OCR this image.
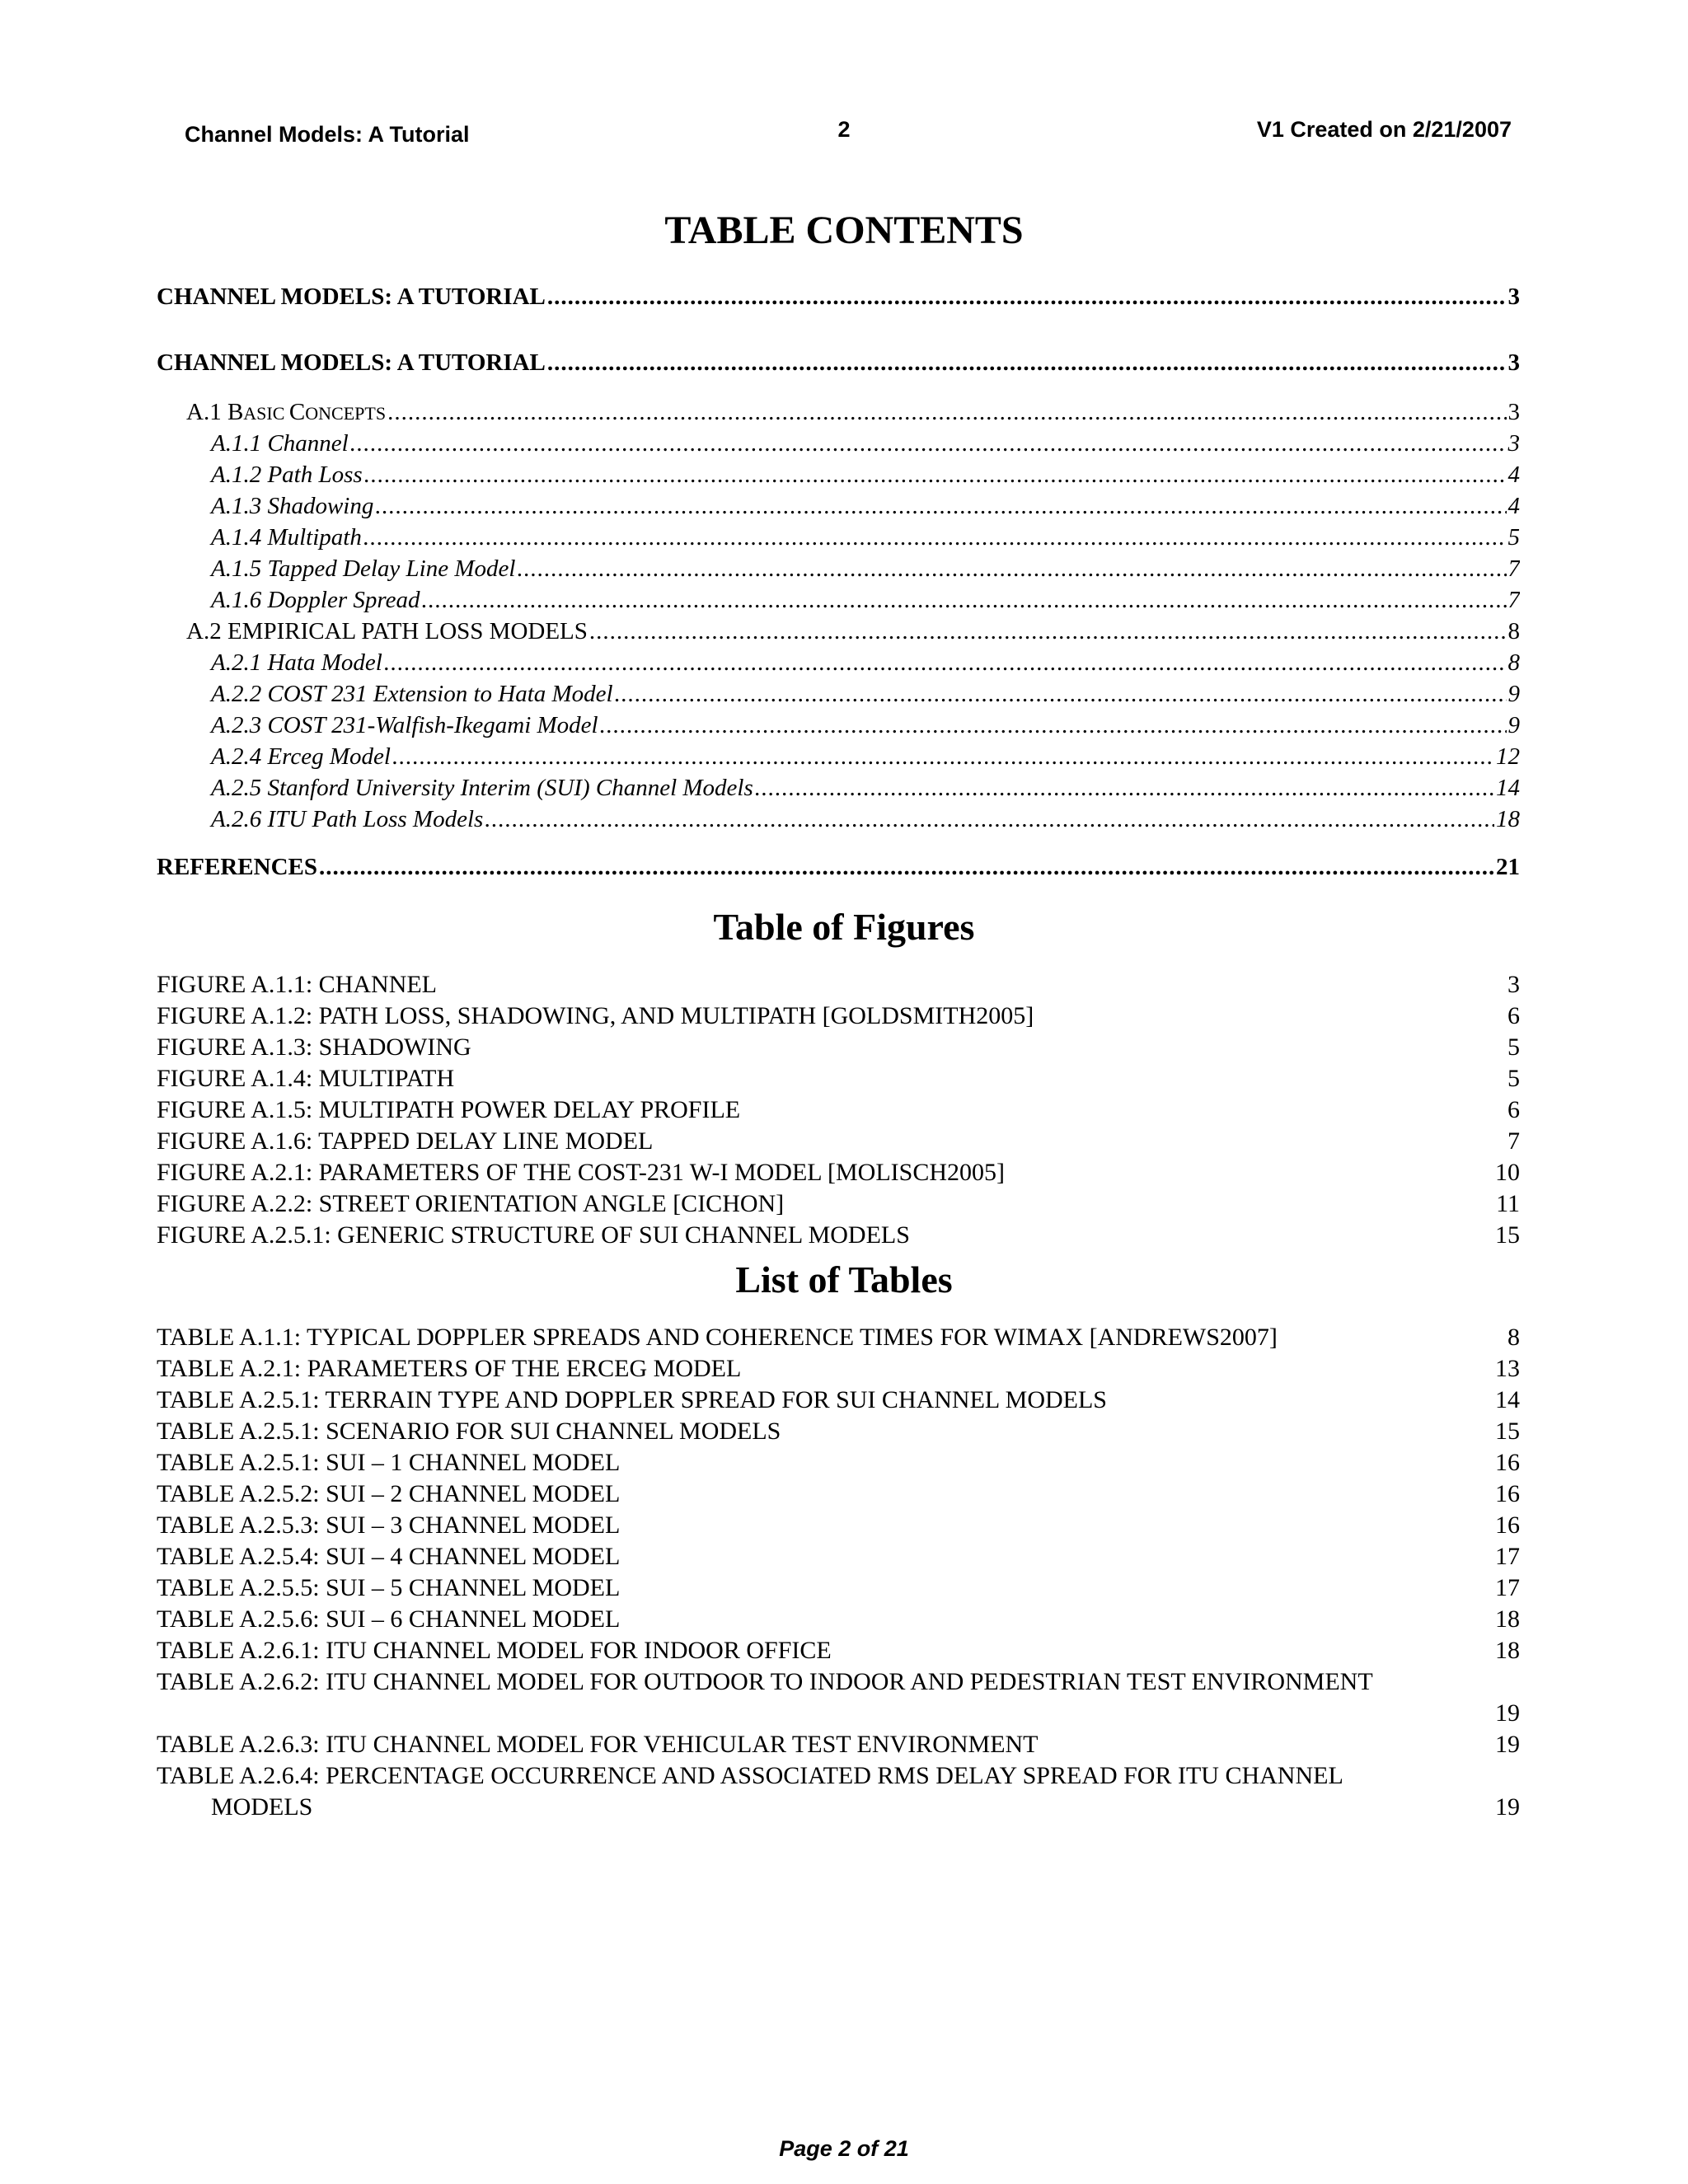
Channel Models: A Tutorial	2	V1 Created on 2/21/2007
TABLE CONTENTS
CHANNEL MODELS: A TUTORIAL .....	3
CHANNEL MODELS: A TUTORIAL .....	3
A.1 BASIC CONCEPTS .....	3
A.1.1 Channel .....	3
A.1.2 Path Loss .....	4
A.1.3 Shadowing .....	4
A.1.4 Multipath .....	5
A.1.5 Tapped Delay Line Model .....	7
A.1.6 Doppler Spread .....	7
A.2 EMPIRICAL PATH LOSS MODELS .....	8
A.2.1 Hata Model .....	8
A.2.2 COST 231 Extension to Hata Model .....	9
A.2.3 COST 231-Walfish-Ikegami Model .....	9
A.2.4 Erceg Model .....	12
A.2.5 Stanford University Interim (SUI) Channel Models .....	14
A.2.6 ITU Path Loss Models .....	18
REFERENCES .....	21
Table of Figures
FIGURE A.1.1: CHANNEL	3
FIGURE A.1.2: PATH LOSS, SHADOWING, AND MULTIPATH [GOLDSMITH2005]	6
FIGURE A.1.3: SHADOWING	5
FIGURE A.1.4: MULTIPATH	5
FIGURE A.1.5: MULTIPATH POWER DELAY PROFILE	6
FIGURE A.1.6: TAPPED DELAY LINE MODEL	7
FIGURE A.2.1: PARAMETERS OF THE COST-231 W-I MODEL [MOLISCH2005]	10
FIGURE A.2.2: STREET ORIENTATION ANGLE [CICHON]	11
FIGURE A.2.5.1: GENERIC STRUCTURE OF SUI CHANNEL MODELS	15
List of Tables
TABLE A.1.1: TYPICAL DOPPLER SPREADS AND COHERENCE TIMES FOR WIMAX [ANDREWS2007]	8
TABLE A.2.1: PARAMETERS OF THE ERCEG MODEL	13
TABLE A.2.5.1: TERRAIN TYPE AND DOPPLER SPREAD FOR SUI CHANNEL MODELS	14
TABLE A.2.5.1: SCENARIO FOR SUI CHANNEL MODELS	15
TABLE A.2.5.1: SUI – 1 CHANNEL MODEL	16
TABLE A.2.5.2: SUI – 2 CHANNEL MODEL	16
TABLE A.2.5.3: SUI – 3 CHANNEL MODEL	16
TABLE A.2.5.4: SUI – 4 CHANNEL MODEL	17
TABLE A.2.5.5: SUI – 5 CHANNEL MODEL	17
TABLE A.2.5.6: SUI – 6 CHANNEL MODEL	18
TABLE A.2.6.1: ITU CHANNEL MODEL FOR INDOOR OFFICE	18
TABLE A.2.6.2: ITU CHANNEL MODEL FOR OUTDOOR TO INDOOR AND PEDESTRIAN TEST ENVIRONMENT
19
TABLE A.2.6.3: ITU CHANNEL MODEL FOR VEHICULAR TEST ENVIRONMENT	19
TABLE A.2.6.4: PERCENTAGE OCCURRENCE AND ASSOCIATED RMS DELAY SPREAD FOR ITU CHANNEL
MODELS	19
Page 2 of 21
